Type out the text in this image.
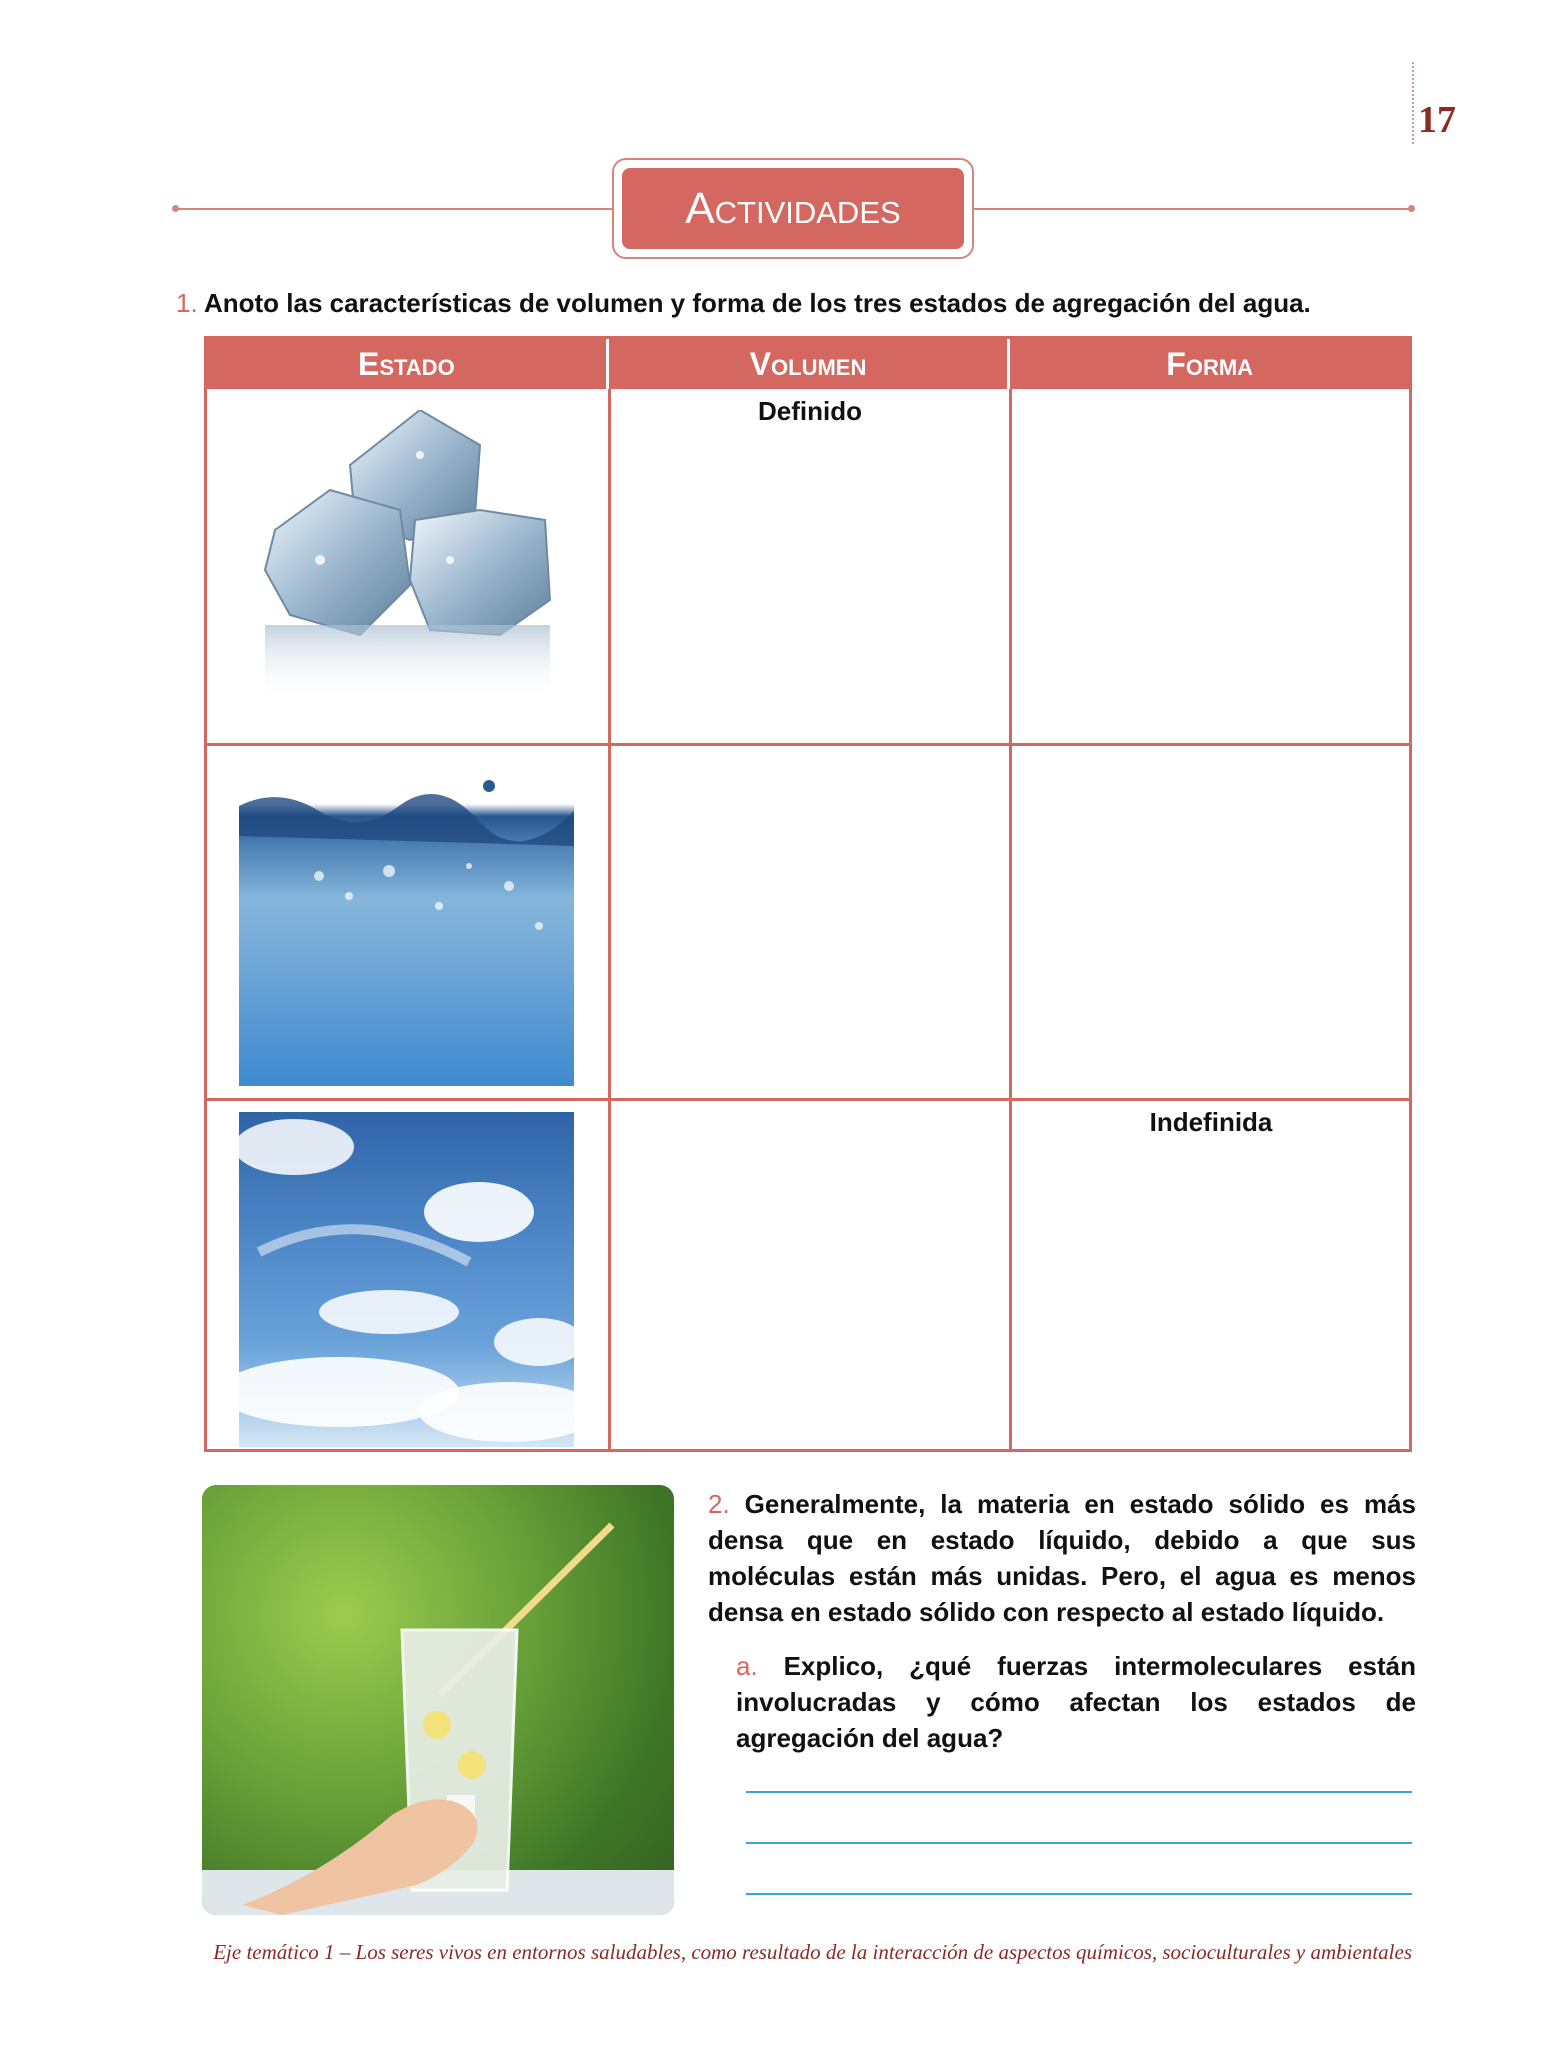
17
Actividades
1. Anoto las características de volumen y forma de los tres estados de agregación del agua.
Estado	Volumen	Forma
Definido
Indefinida
2. Generalmente, la materia en estado sólido es más densa que en estado líquido, debido a que sus moléculas están más unidas. Pero, el agua es menos densa en estado sólido con respecto al estado líquido.
a. Explico, ¿qué fuerzas intermoleculares están involucradas y cómo afectan los estados de agregación del agua?
Eje temático 1 – Los seres vivos en entornos saludables, como resultado de la interacción de aspectos químicos, socioculturales y ambientales
